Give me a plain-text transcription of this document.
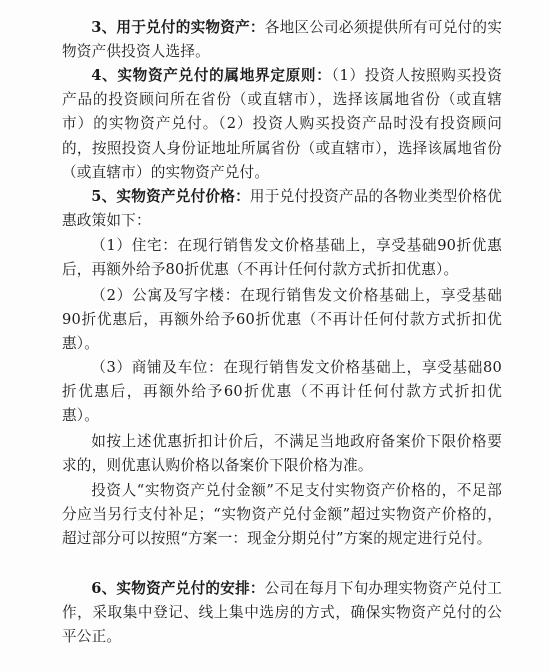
3、用于兑付的实物资产：各地区公司必须提供所有可兑付的实物资产供投资人选择。

4、实物资产兑付的属地界定原则：（1）投资人按照购买投资产品的投资顾问所在省份（或直辖市），选择该属地省份（或直辖市）的实物资产兑付。（2）投资人购买投资产品时没有投资顾问的，按照投资人身份证地址所属省份（或直辖市），选择该属地省份（或直辖市）的实物资产兑付。

5、实物资产兑付价格：用于兑付投资产品的各物业类型价格优惠政策如下：

（1）住宅：在现行销售发文价格基础上，享受基础90折优惠后，再额外给予80折优惠（不再计任何付款方式折扣优惠）。

（2）公寓及写字楼：在现行销售发文价格基础上，享受基础90折优惠后，再额外给予60折优惠（不再计任何付款方式折扣优惠）。

（3）商铺及车位：在现行销售发文价格基础上，享受基础80折优惠后，再额外给予60折优惠（不再计任何付款方式折扣优惠）。

如按上述优惠折扣计价后，不满足当地政府备案价下限价格要求的，则优惠认购价格以备案价下限价格为准。

投资人“实物资产兑付金额”不足支付实物资产价格的，不足部分应当另行支付补足；“实物资产兑付金额”超过实物资产价格的，超过部分可以按照“方案一：现金分期兑付”方案的规定进行兑付。

6、实物资产兑付的安排：公司在每月下旬办理实物资产兑付工作，采取集中登记、线上集中选房的方式，确保实物资产兑付的公平公正。
